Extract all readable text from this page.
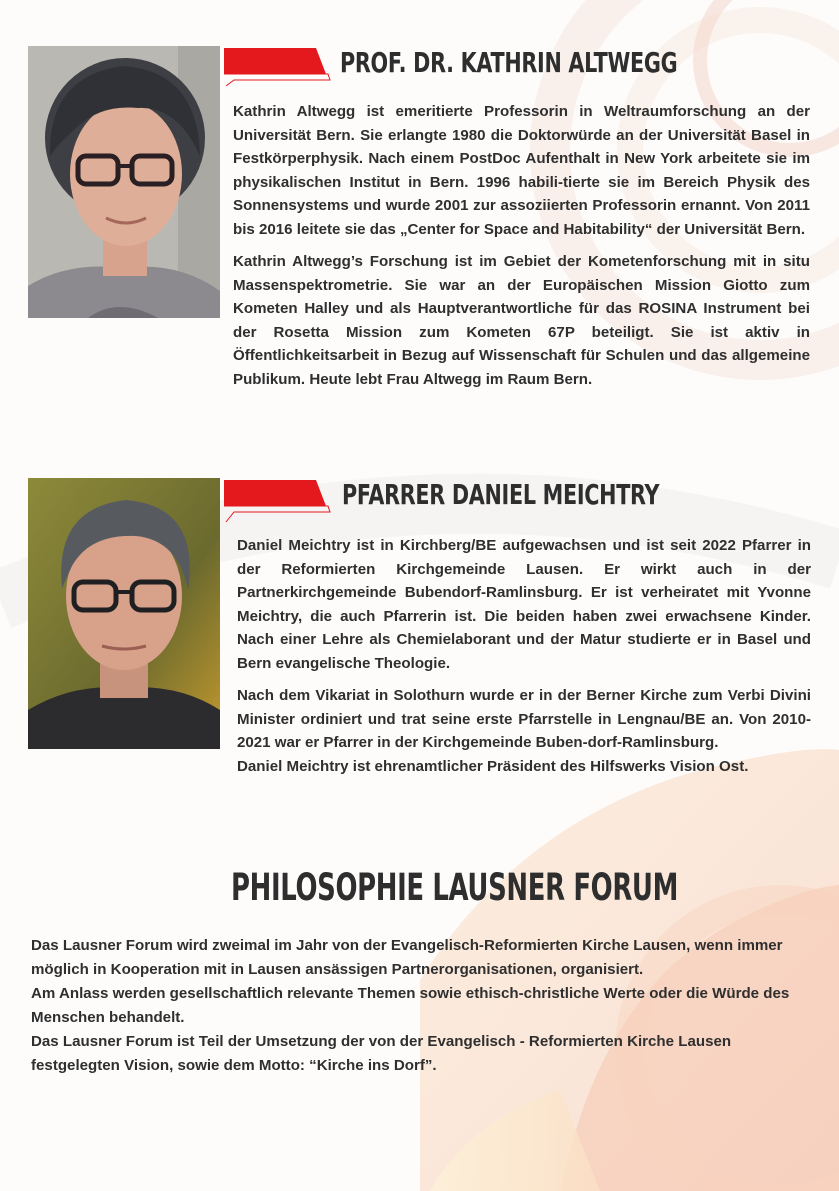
PROF. DR. KATHRIN ALTWEGG

Kathrin Altwegg ist emeritierte Professorin in Weltraumforschung an der Universität Bern. Sie erlangte 1980 die Doktorwürde an der Universität Basel in Festkörperphysik. Nach einem PostDoc Aufenthalt in New York arbeitete sie im physikalischen Institut in Bern. 1996 habili-tierte sie im Bereich Physik des Sonnensystems und wurde 2001 zur assoziierten Professorin ernannt. Von 2011 bis 2016 leitete sie das „Center for Space and Habitability“ der Universität Bern.

Kathrin Altwegg’s Forschung ist im Gebiet der Kometenforschung mit in situ Massenspektrometrie. Sie war an der Europäischen Mission Giotto zum Kometen Halley und als Hauptverantwortliche für das ROSINA Instrument bei der Rosetta Mission zum Kometen 67P beteiligt. Sie ist aktiv in Öffentlichkeitsarbeit in Bezug auf Wissenschaft für Schulen und das allgemeine Publikum. Heute lebt Frau Altwegg im Raum Bern.

PFARRER DANIEL MEICHTRY

Daniel Meichtry ist in Kirchberg/BE aufgewachsen und ist seit 2022 Pfarrer in der Reformierten Kirchgemeinde Lausen. Er wirkt auch in der Partnerkirchgemeinde Bubendorf-Ramlinsburg. Er ist verheiratet mit Yvonne Meichtry, die auch Pfarrerin ist. Die beiden haben zwei erwachsene Kinder. Nach einer Lehre als Chemielaborant und der Matur studierte er in Basel und Bern evangelische Theologie.

Nach dem Vikariat in Solothurn wurde er in der Berner Kirche zum Verbi Divini Minister ordiniert und trat seine erste Pfarrstelle in Lengnau/BE an. Von 2010-2021 war er Pfarrer in der Kirchgemeinde Buben-dorf-Ramlinsburg.

Daniel Meichtry ist ehrenamtlicher Präsident des Hilfswerks Vision Ost.

PHILOSOPHIE LAUSNER FORUM

Das Lausner Forum wird zweimal im Jahr von der Evangelisch-Reformierten Kirche Lausen, wenn immer möglich in Kooperation mit in Lausen ansässigen Partnerorganisationen, organisiert.

Am Anlass werden gesellschaftlich relevante Themen sowie ethisch-christliche Werte oder die Würde des Menschen behandelt.

Das Lausner Forum ist Teil der Umsetzung der von der Evangelisch - Reformierten Kirche Lausen festgelegten Vision, sowie dem Motto: “Kirche ins Dorf”.
